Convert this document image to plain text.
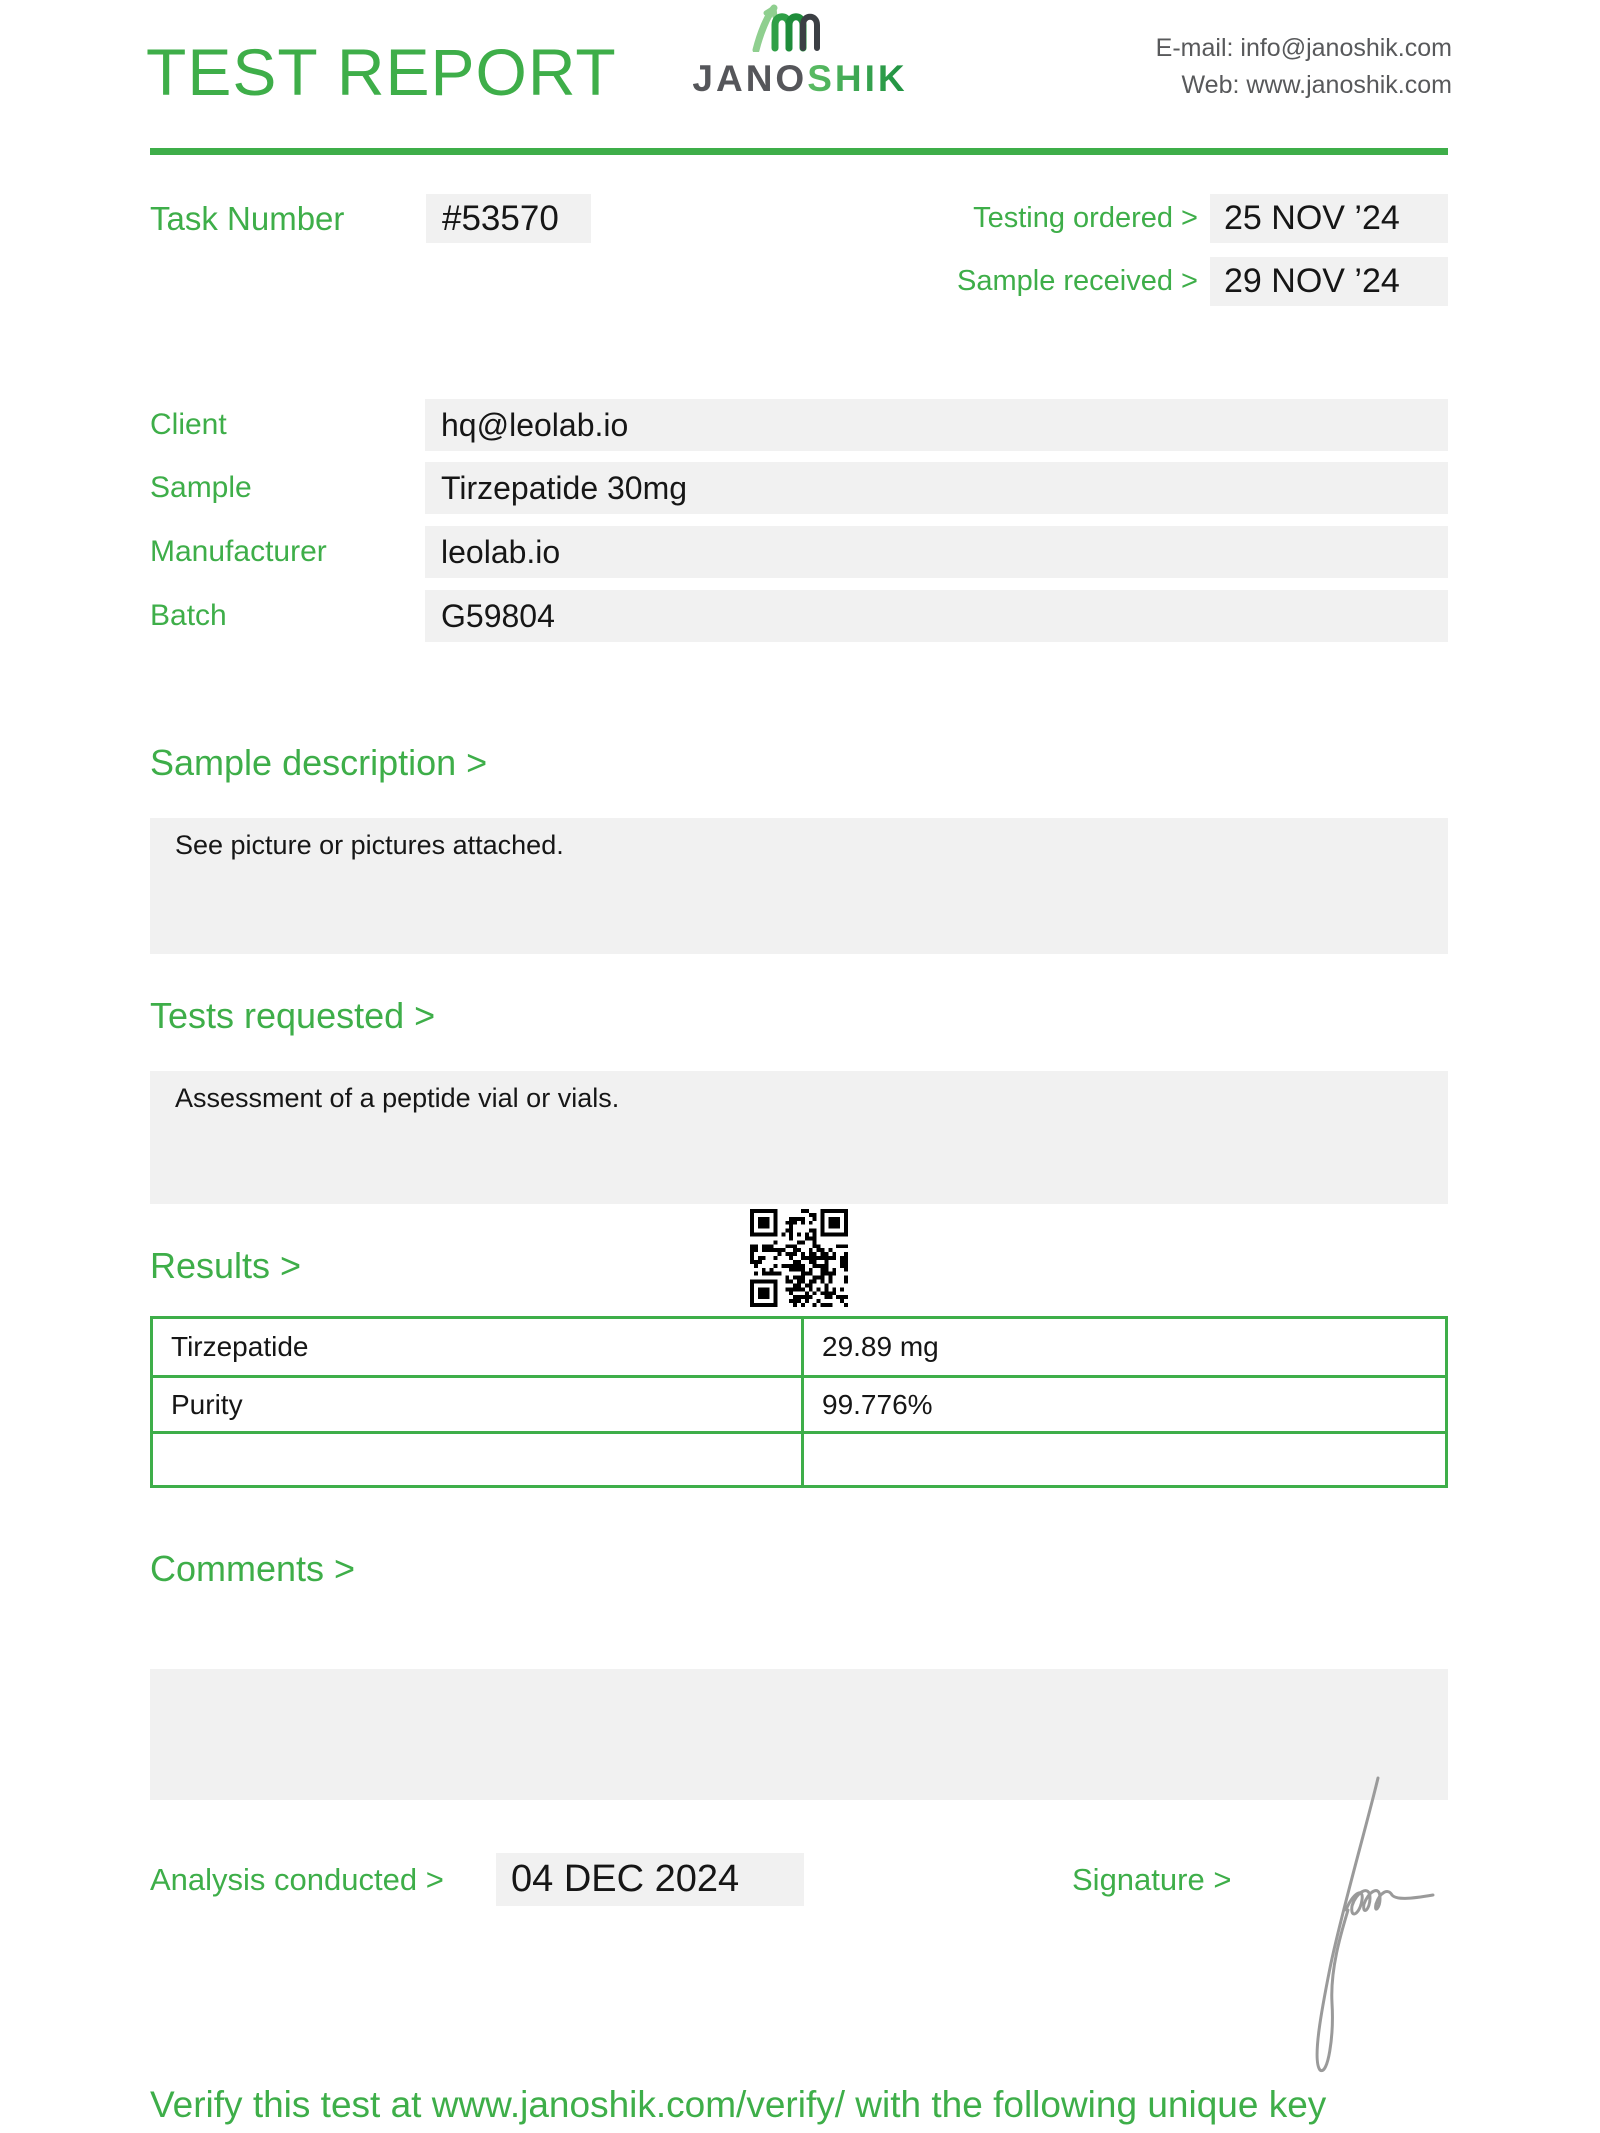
TEST REPORT JANOSHIK
E-mail: info@janoshik.com
Web: www.janoshik.com
Task Number	#53570	Testing ordered > 25 NOV ’24
Sample received > 29 NOV ’24
Client	hq@leolab.io
Sample	Tirzepatide 30mg
Manufacturer	leolab.io
Batch	G59804
Sample description >
See picture or pictures attached.
Tests requested >
Assessment of a peptide vial or vials.
Results >
Tirzepatide	29.89 mg
Purity	99.776%
Comments >
Analysis conducted >	04 DEC 2024	Signature >
Verify this test at www.janoshik.com/verify/ with the following unique key
